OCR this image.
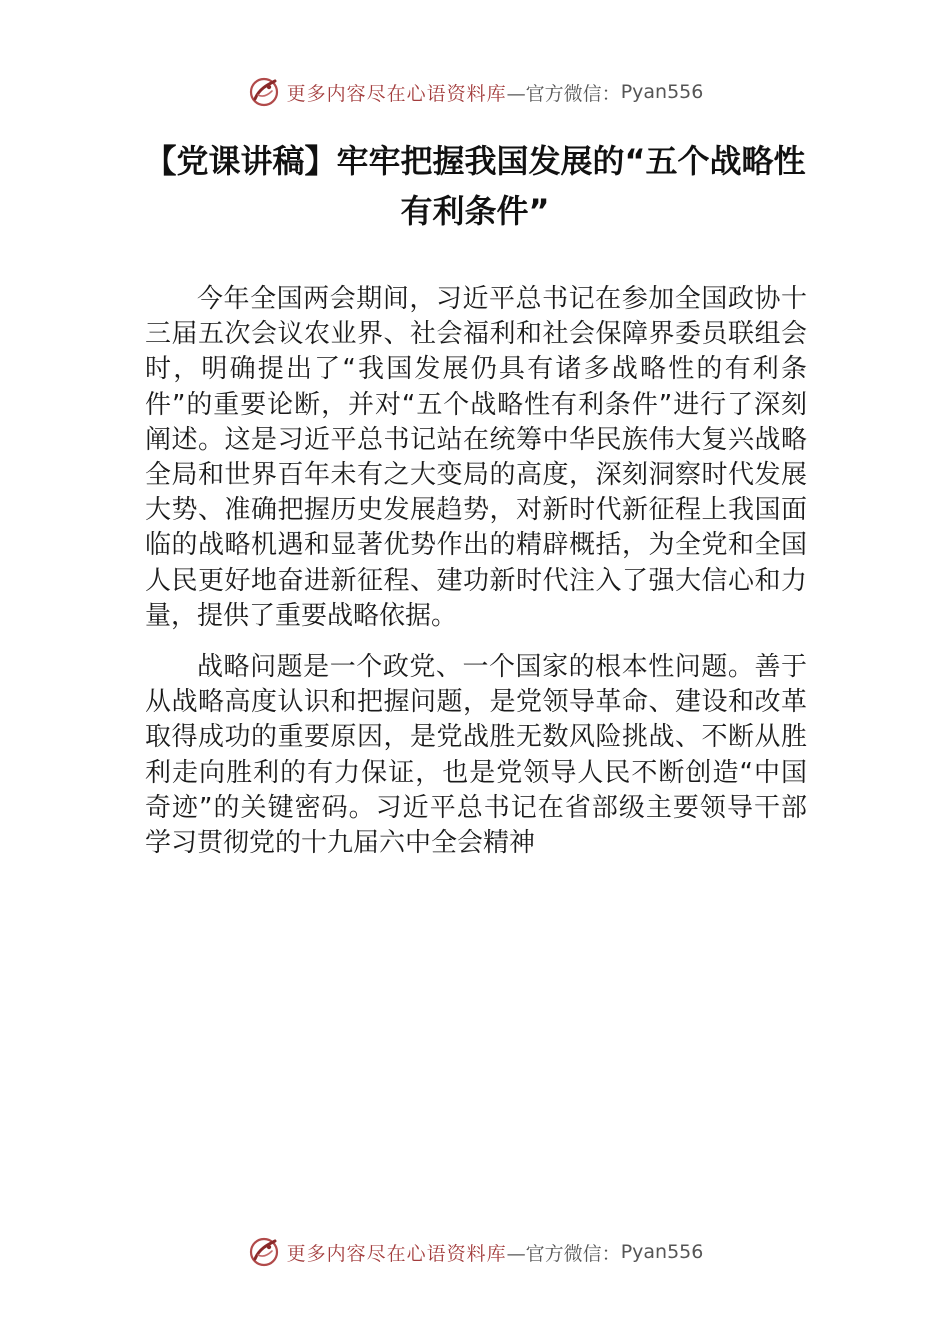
更多内容尽在心语资料库 —官方微信： Pyan556
【党课讲稿】牢牢把握我国发展的“五个战略性有利条件”

今年全国两会期间，习近平总书记在参加全国政协十三届五次会议农业界、社会福利和社会保障界委员联组会时，明确提出了“我国发展仍具有诸多战略性的有利条件”的重要论断，并对“五个战略性有利条件”进行了深刻阐述。这是习近平总书记站在统筹中华民族伟大复兴战略全局和世界百年未有之大变局的高度，深刻洞察时代发展大势、准确把握历史发展趋势，对新时代新征程上我国面临的战略机遇和显著优势作出的精辟概括，为全党和全国人民更好地奋进新征程、建功新时代注入了强大信心和力量，提供了重要战略依据。

战略问题是一个政党、一个国家的根本性问题。善于从战略高度认识和把握问题，是党领导革命、建设和改革取得成功的重要原因，是党战胜无数风险挑战、不断从胜利走向胜利的有力保证，也是党领导人民不断创造“中国奇迹”的关键密码。习近平总书记在省部级主要领导干部学习贯彻党的十九届六中全会精神

更多内容尽在心语资料库 —官方微信： Pyan556
